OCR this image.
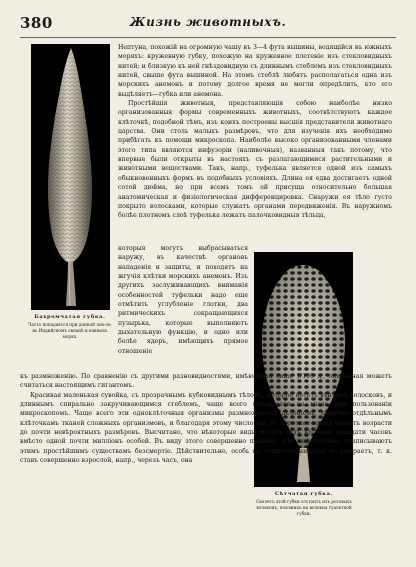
380	Жизнь животныхъ.
Бахромчатая губка.
Часто попадается при донной лов-ле; въ Индийскомъ океанѣ и южныхъ морях.
Сѣтчатая губка.
Скелетъ этой губки состоитъ изъ роговыхъ волоконъ, похожихъ на волокна туалетной губки.

Нептуна, похожій на огромную чашу въ 3—4 фута вышины, водящійся въ южныхъ моряхъ: кружевную губку, похожую на кружевное плетеніе изъ стекловидныхъ нитей; и близкую къ ней гнѣздовидную съ длиннымъ стеблемъ изъ стекловидныхъ нитей, свыше фута вышиной. На этомъ стеблѣ любятъ располагаться одна изъ морскихъ анемонъ и потому долгое время не могли опредѣлить, кто его выдѣляетъ—губка или анемона.

Простѣйшія животныя, представляющія собою наиболѣе низко организованныя формы современныхъ животныхъ, соотвѣтствуютъ каждое клѣточкѣ, подобной тѣмъ, изъ коихъ построены высшія представители животнаго царства. Они столь малыхъ размѣровъ, что для изученія ихъ необходимо прибѣгать къ помощи микроскопа. Наиболѣе высоко организованными членами этого типа являются инфузоріи (наливочныя), названныя такъ потому, что впервые были открыты въ настояхъ съ разлагающимися растительными и животными веществами. Такъ, напр., туфелька является одной изъ самыхъ обыкновенныхъ формъ въ подобныхъ условіяхъ. Длина ея едва достигаетъ одной сотой дюйма, но при всемъ томъ ей присуща относительно большая анатомическая и физіологическая дифференцировка. Снаружи ея тѣло густо покрыто волосками, которые служатъ органами передвиженія. Въ наружномъ болѣе плотномъ слоѣ туфелька лежатъ палочковидныя тѣльца,

которыя могутъ выбрасываться наружу, въ качествѣ органовъ нападенія и защиты, и походятъ на жгучія клѣтки морскихъ анемонъ. Изъ другихъ заслуживающихъ вниманія особенностей туфельки надо еще отмѣтить углубленіе глотки, два ритмическихъ сокращающихся пузырька, которые выполняютъ дыхательную функцію, и одно или болѣе ядеръ, имѣющихъ прямое отношеніе

къ размноженію. По сравненію съ другими разновидностями, имѣющими лишь 1/100 д., описанная можетъ считаться настоящимъ гигантомъ.

Красивая маленькая сувойка, съ прозрачнымъ кубковиднымъ тѣломъ, которое несетъ вѣнчикъ волосковъ, и длиннымъ спирально закручивающимся стеблемъ, чаще всего попадается на глаза при пользованіи микроскопомъ. Чаще всего эти одноклѣточныя организмы размножаются дѣленіемъ, подобно отдѣльнымъ клѣточкамъ тканей сложныхъ организмовъ, и благодаря этому число ихъ въ короткое время можетъ возрасти до почти невѣроятныхъ размѣровъ. Высчитано, что нѣкоторые виды могутъ дать втеченіе двадцати часовъ вмѣсто одной почти милліонъ особей. Въ виду этого совершенно понятно, что инфузоріямъ приписываютъ этимъ простѣйшимъ существамъ безсмертіе. Дѣйствительно, особь въ сущности никогда не умираетъ, т. к. ставъ совершенно взрослой, напр., черезъ часъ, она
